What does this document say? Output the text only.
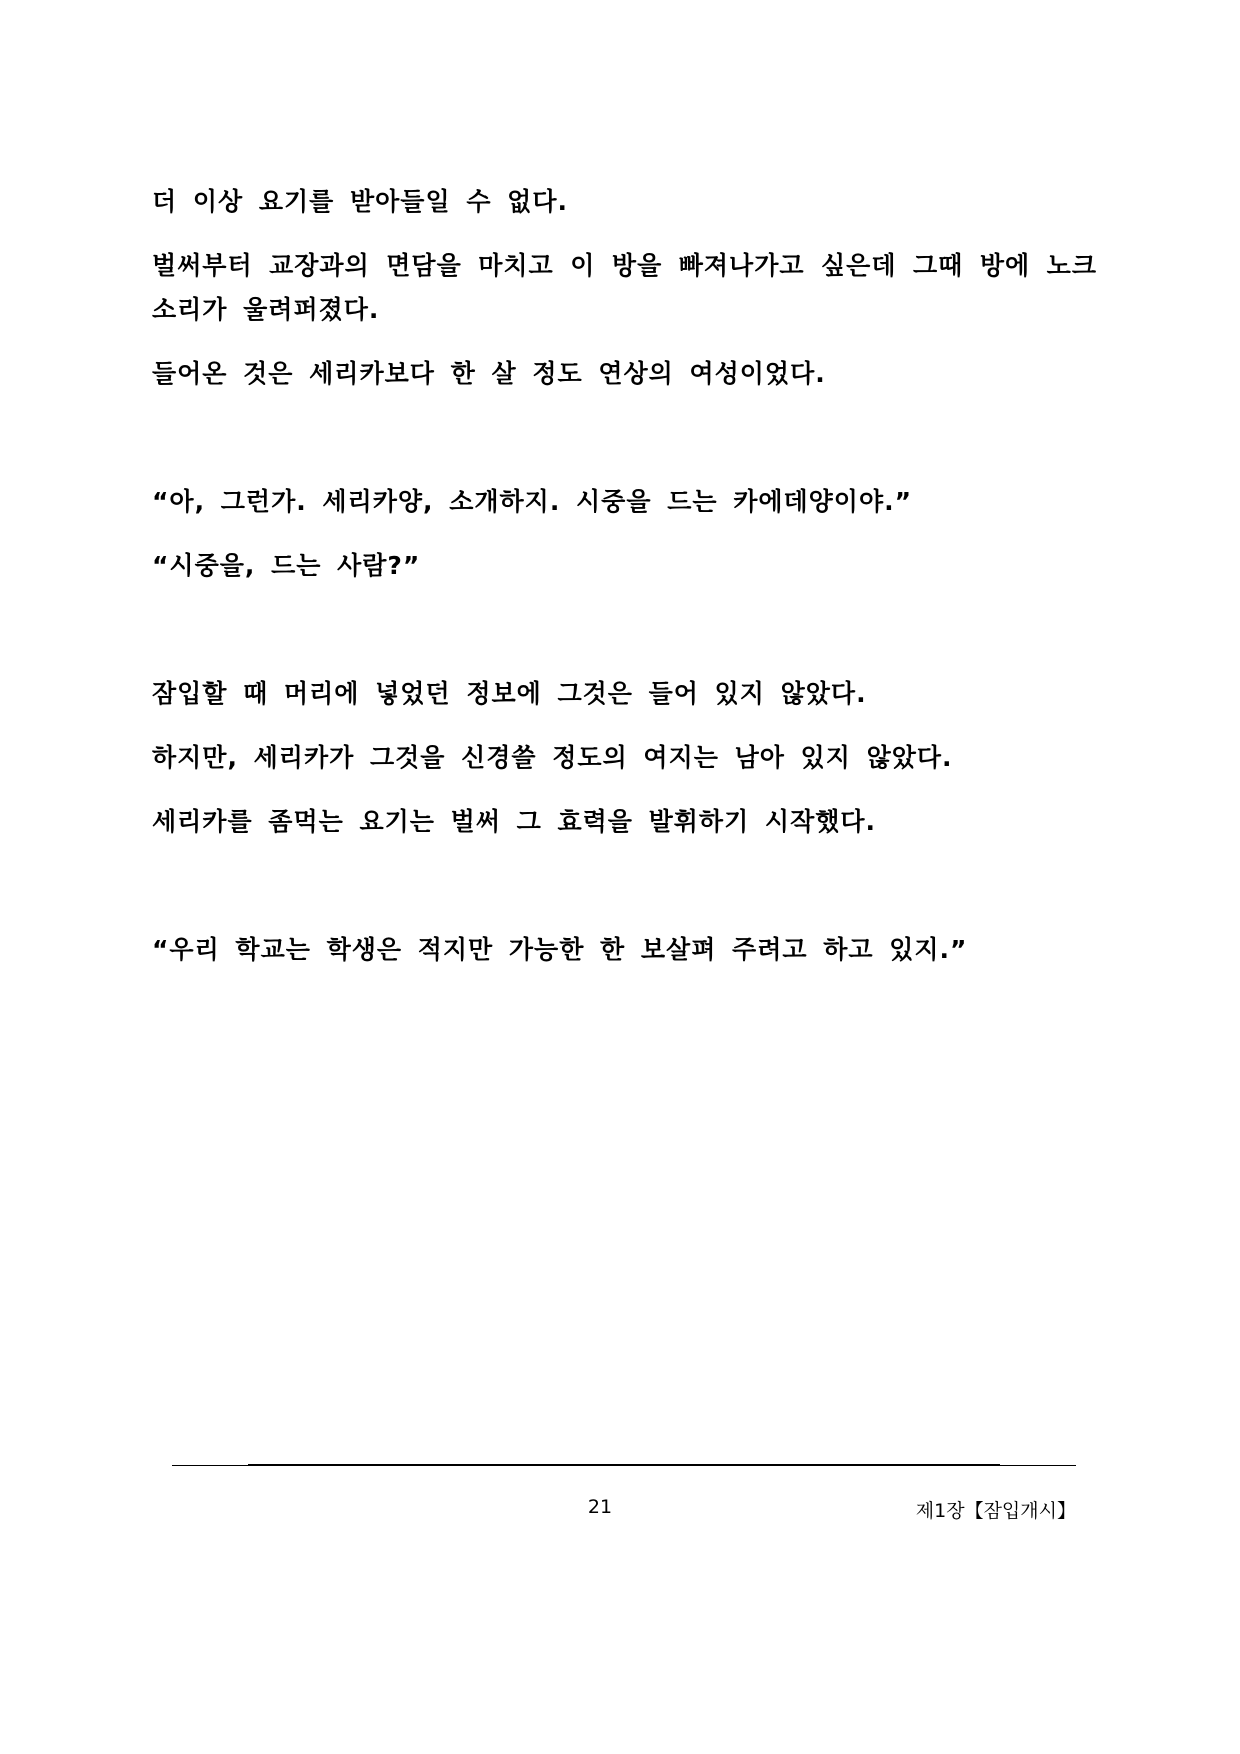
더 이상 요기를 받아들일 수 없다.

벌써부터 교장과의 면담을 마치고 이 방을 빠져나가고 싶은데 그때 방에 노크 소리가 울려퍼졌다.

들어온 것은 세리카보다 한 살 정도 연상의 여성이었다.

“아, 그런가. 세리카양, 소개하지. 시중을 드는 카에데양이야.”

“시중을, 드는 사람?”

잠입할 때 머리에 넣었던 정보에 그것은 들어 있지 않았다.

하지만, 세리카가 그것을 신경쓸 정도의 여지는 남아 있지 않았다.

세리카를 좀먹는 요기는 벌써 그 효력을 발휘하기 시작했다.

“우리 학교는 학생은 적지만 가능한 한 보살펴 주려고 하고 있지.”

21	제1장【잠입개시】
